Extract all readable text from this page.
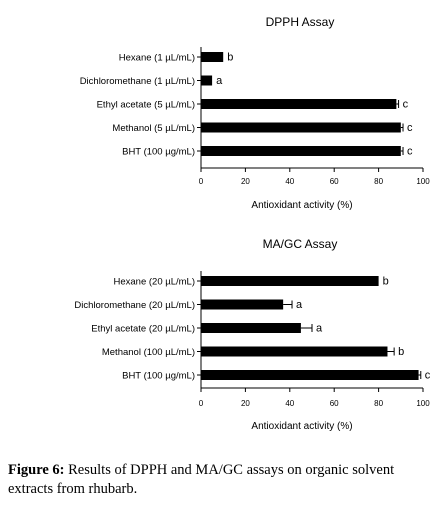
DPPH Assay
0	20	40	60	80	100
Hexane (1 µL/mL)	b
Dichloromethane (1 µL/mL) a
Ethyl acetate (5 µL/mL)	c
Methanol (5 µL/mL)	c
BHT (100 µg/mL)	c
Antioxidant activity (%)
MA/GC Assay
0	20	40	60	80	100
Hexane (20 µL/mL)	b
Dichloromethane (20 µL/mL)	a
Ethyl acetate (20 µL/mL)	a
Methanol (100 µL/mL)	b
BHT (100 µg/mL)	c
Antioxidant activity (%)
Figure 6: Results of DPPH and MA/GC assays on organic solvent extracts from rhubarb.
